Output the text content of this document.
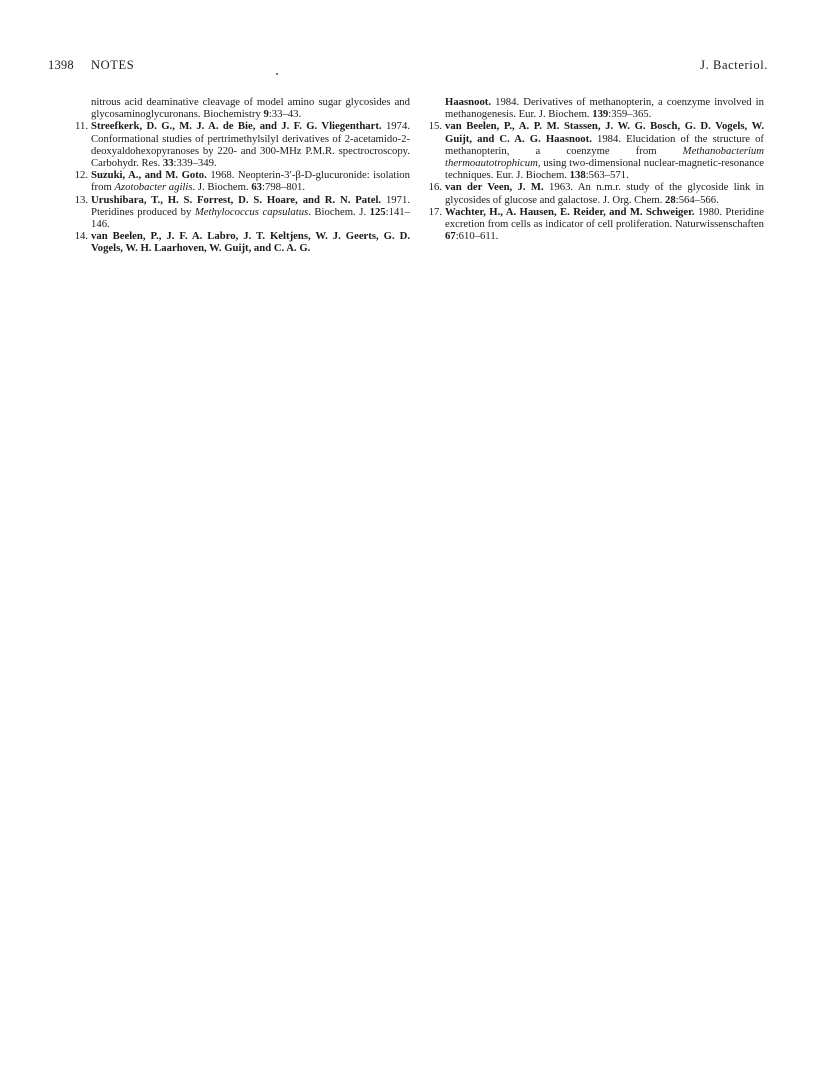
1398 NOTES	J. Bacteriol.

nitrous acid deaminative cleavage of model amino sugar glycosides and glycosaminoglycuronans. Biochemistry 9:33–43.

11. Streefkerk, D. G., M. J. A. de Bie, and J. F. G. Vliegenthart. 1974. Conformational studies of pertrimethylsilyl derivatives of 2-acetamido-2-deoxyaldohexopyranoses by 220- and 300-MHz P.M.R. spectrocroscopy. Carbohydr. Res. 33:339–349.

12. Suzuki, A., and M. Goto. 1968. Neopterin-3′-β-D-glucuronide: isolation from Azotobacter agilis. J. Biochem. 63:798–801.

13. Urushibara, T., H. S. Forrest, D. S. Hoare, and R. N. Patel. 1971. Pteridines produced by Methylococcus capsulatus. Biochem. J. 125:141–146.

14. van Beelen, P., J. F. A. Labro, J. T. Keltjens, W. J. Geerts, G. D. Vogels, W. H. Laarhoven, W. Guijt, and C. A. G.

Haasnoot. 1984. Derivatives of methanopterin, a coenzyme involved in methanogenesis. Eur. J. Biochem. 139:359–365.

15. van Beelen, P., A. P. M. Stassen, J. W. G. Bosch, G. D. Vogels, W. Guijt, and C. A. G. Haasnoot. 1984. Elucidation of the structure of methanopterin, a coenzyme from Methanobacterium thermoautotrophicum, using two-dimensional nuclear-magnetic-resonance techniques. Eur. J. Biochem. 138:563–571.

16. van der Veen, J. M. 1963. An n.m.r. study of the glycoside link in glycosides of glucose and galactose. J. Org. Chem. 28:564–566.

17. Wachter, H., A. Hausen, E. Reider, and M. Schweiger. 1980. Pteridine excretion from cells as indicator of cell proliferation. Naturwissenschaften 67:610–611.
